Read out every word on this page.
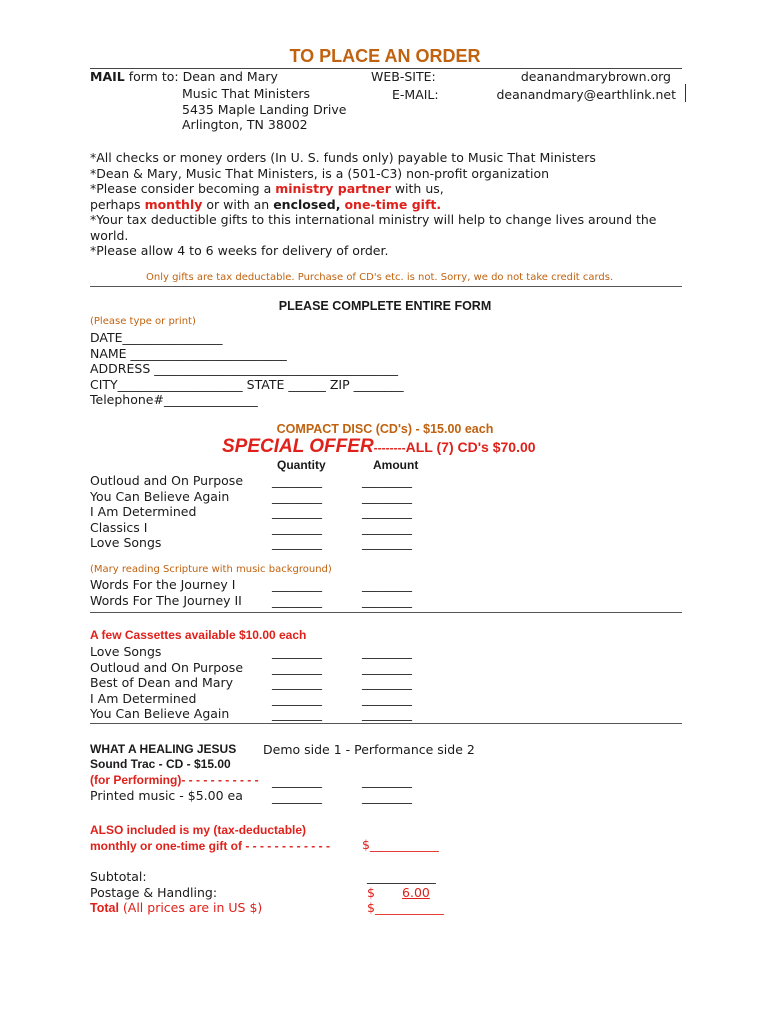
TO PLACE AN ORDER
MAIL form to: Dean and Mary
Music That Ministers
5435 Maple Landing Drive
Arlington, TN 38002
WEB-SITE:
E-MAIL:
deanandmarybrown.org
deanandmary@earthlink.net
*All checks or money orders (In U. S. funds only) payable to Music That Ministers
*Dean & Mary, Music That Ministers, is a (501-C3) non-profit organization
*Please consider becoming a ministry partner with us,
perhaps monthly or with an enclosed, one-time gift.
*Your tax deductible gifts to this international ministry will help to change lives around the
world.
*Please allow 4 to 6 weeks for delivery of order.
Only gifts are tax deductable. Purchase of CD's etc. is not. Sorry, we do not take credit cards.
PLEASE COMPLETE ENTIRE FORM
(Please type or print)
DATE________________
NAME _________________________
ADDRESS _______________________________________
CITY____________________ STATE ______ ZIP ________
Telephone#_______________
COMPACT DISC (CD's) - $15.00 each
SPECIAL OFFER--------ALL (7) CD's $70.00
Quantity	Amount
Outloud and On Purpose
You Can Believe Again
I Am Determined
Classics I
Love Songs
________
________
________
________
________
________
________
________
________
________
(Mary reading Scripture with music background)
Words For the Journey I
Words For The Journey II
________
________
________
________
A few Cassettes available $10.00 each
Love Songs
Outloud and On Purpose
Best of Dean and Mary
I Am Determined
You Can Believe Again
________
________
________
________
________
________
________
________
________
________
WHAT A HEALING JESUS Demo side 1 - Performance side 2
Sound Trac - CD - $15.00
(for Performing)- - - - - - - - - - -
Printed music - $5.00 ea
________
________
________
________
ALSO included is my (tax-deductable)
monthly or one-time gift of - - - - - - - - - - - -	$___________
Subtotal:
Postage & Handling:
Total (All prices are in US $)
___________
$ 6.00
$___________
